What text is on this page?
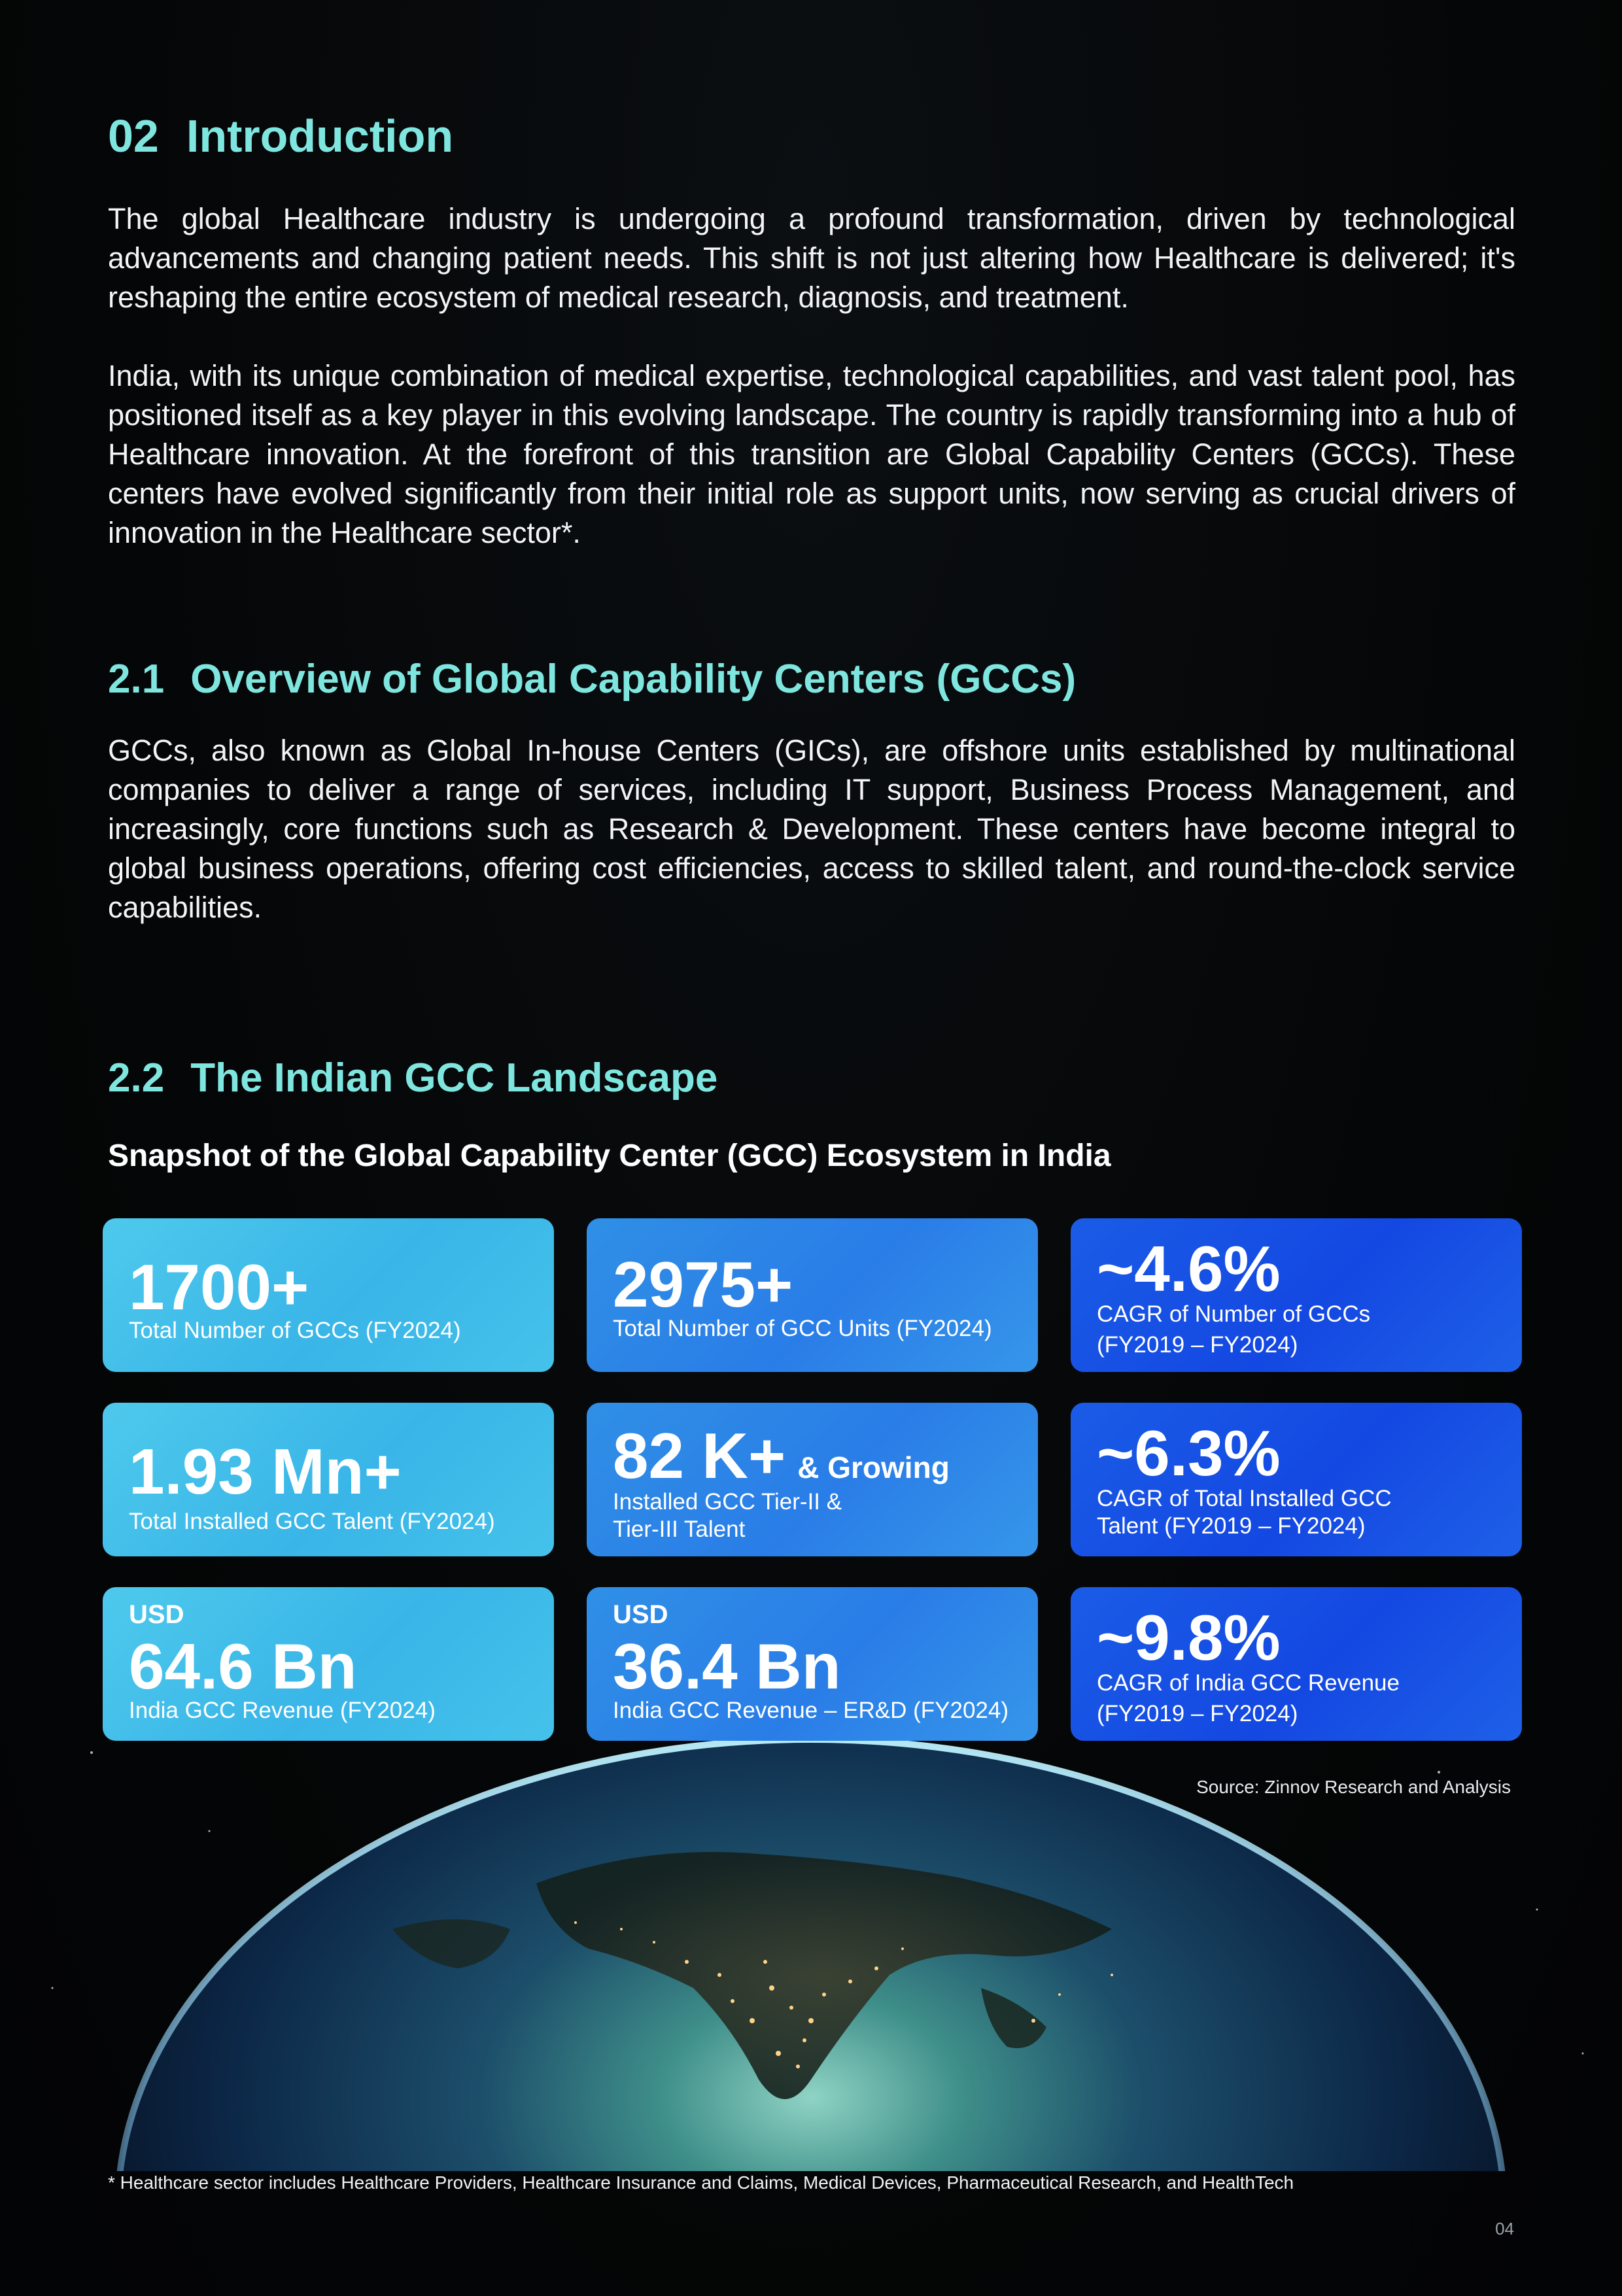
02 Introduction

The global Healthcare industry is undergoing a profound transformation, driven by technological advancements and changing patient needs. This shift is not just altering how Healthcare is delivered; it's reshaping the entire ecosystem of medical research, diagnosis, and treatment.

India, with its unique combination of medical expertise, technological capabilities, and vast talent pool, has positioned itself as a key player in this evolving landscape. The country is rapidly transforming into a hub of Healthcare innovation. At the forefront of this transition are Global Capability Centers (GCCs). These centers have evolved significantly from their initial role as support units, now serving as crucial drivers of innovation in the Healthcare sector*.

2.1 Overview of Global Capability Centers (GCCs)

GCCs, also known as Global In-house Centers (GICs), are offshore units established by multinational companies to deliver a range of services, including IT support, Business Process Management, and increasingly, core functions such as Research & Development. These centers have become integral to global business operations, offering cost efficiencies, access to skilled talent, and round-the-clock service capabilities.

2.2 The Indian GCC Landscape
Snapshot of the Global Capability Center (GCC) Ecosystem in India
1700+
Total Number of GCCs (FY2024)
2975+
Total Number of GCC Units (FY2024)
~4.6%
CAGR of Number of GCCs
(FY2019 – FY2024)
1.93 Mn+
Total Installed GCC Talent (FY2024)
82 K+ & Growing
Installed GCC Tier-II &
Tier-III Talent
~6.3%
CAGR of Total Installed GCC
Talent (FY2019 – FY2024)
USD
64.6 Bn
India GCC Revenue (FY2024)
USD
36.4 Bn
India GCC Revenue – ER&D (FY2024)
~9.8%
CAGR of India GCC Revenue
(FY2019 – FY2024)
Source: Zinnov Research and Analysis
* Healthcare sector includes Healthcare Providers, Healthcare Insurance and Claims, Medical Devices, Pharmaceutical Research, and HealthTech
04
